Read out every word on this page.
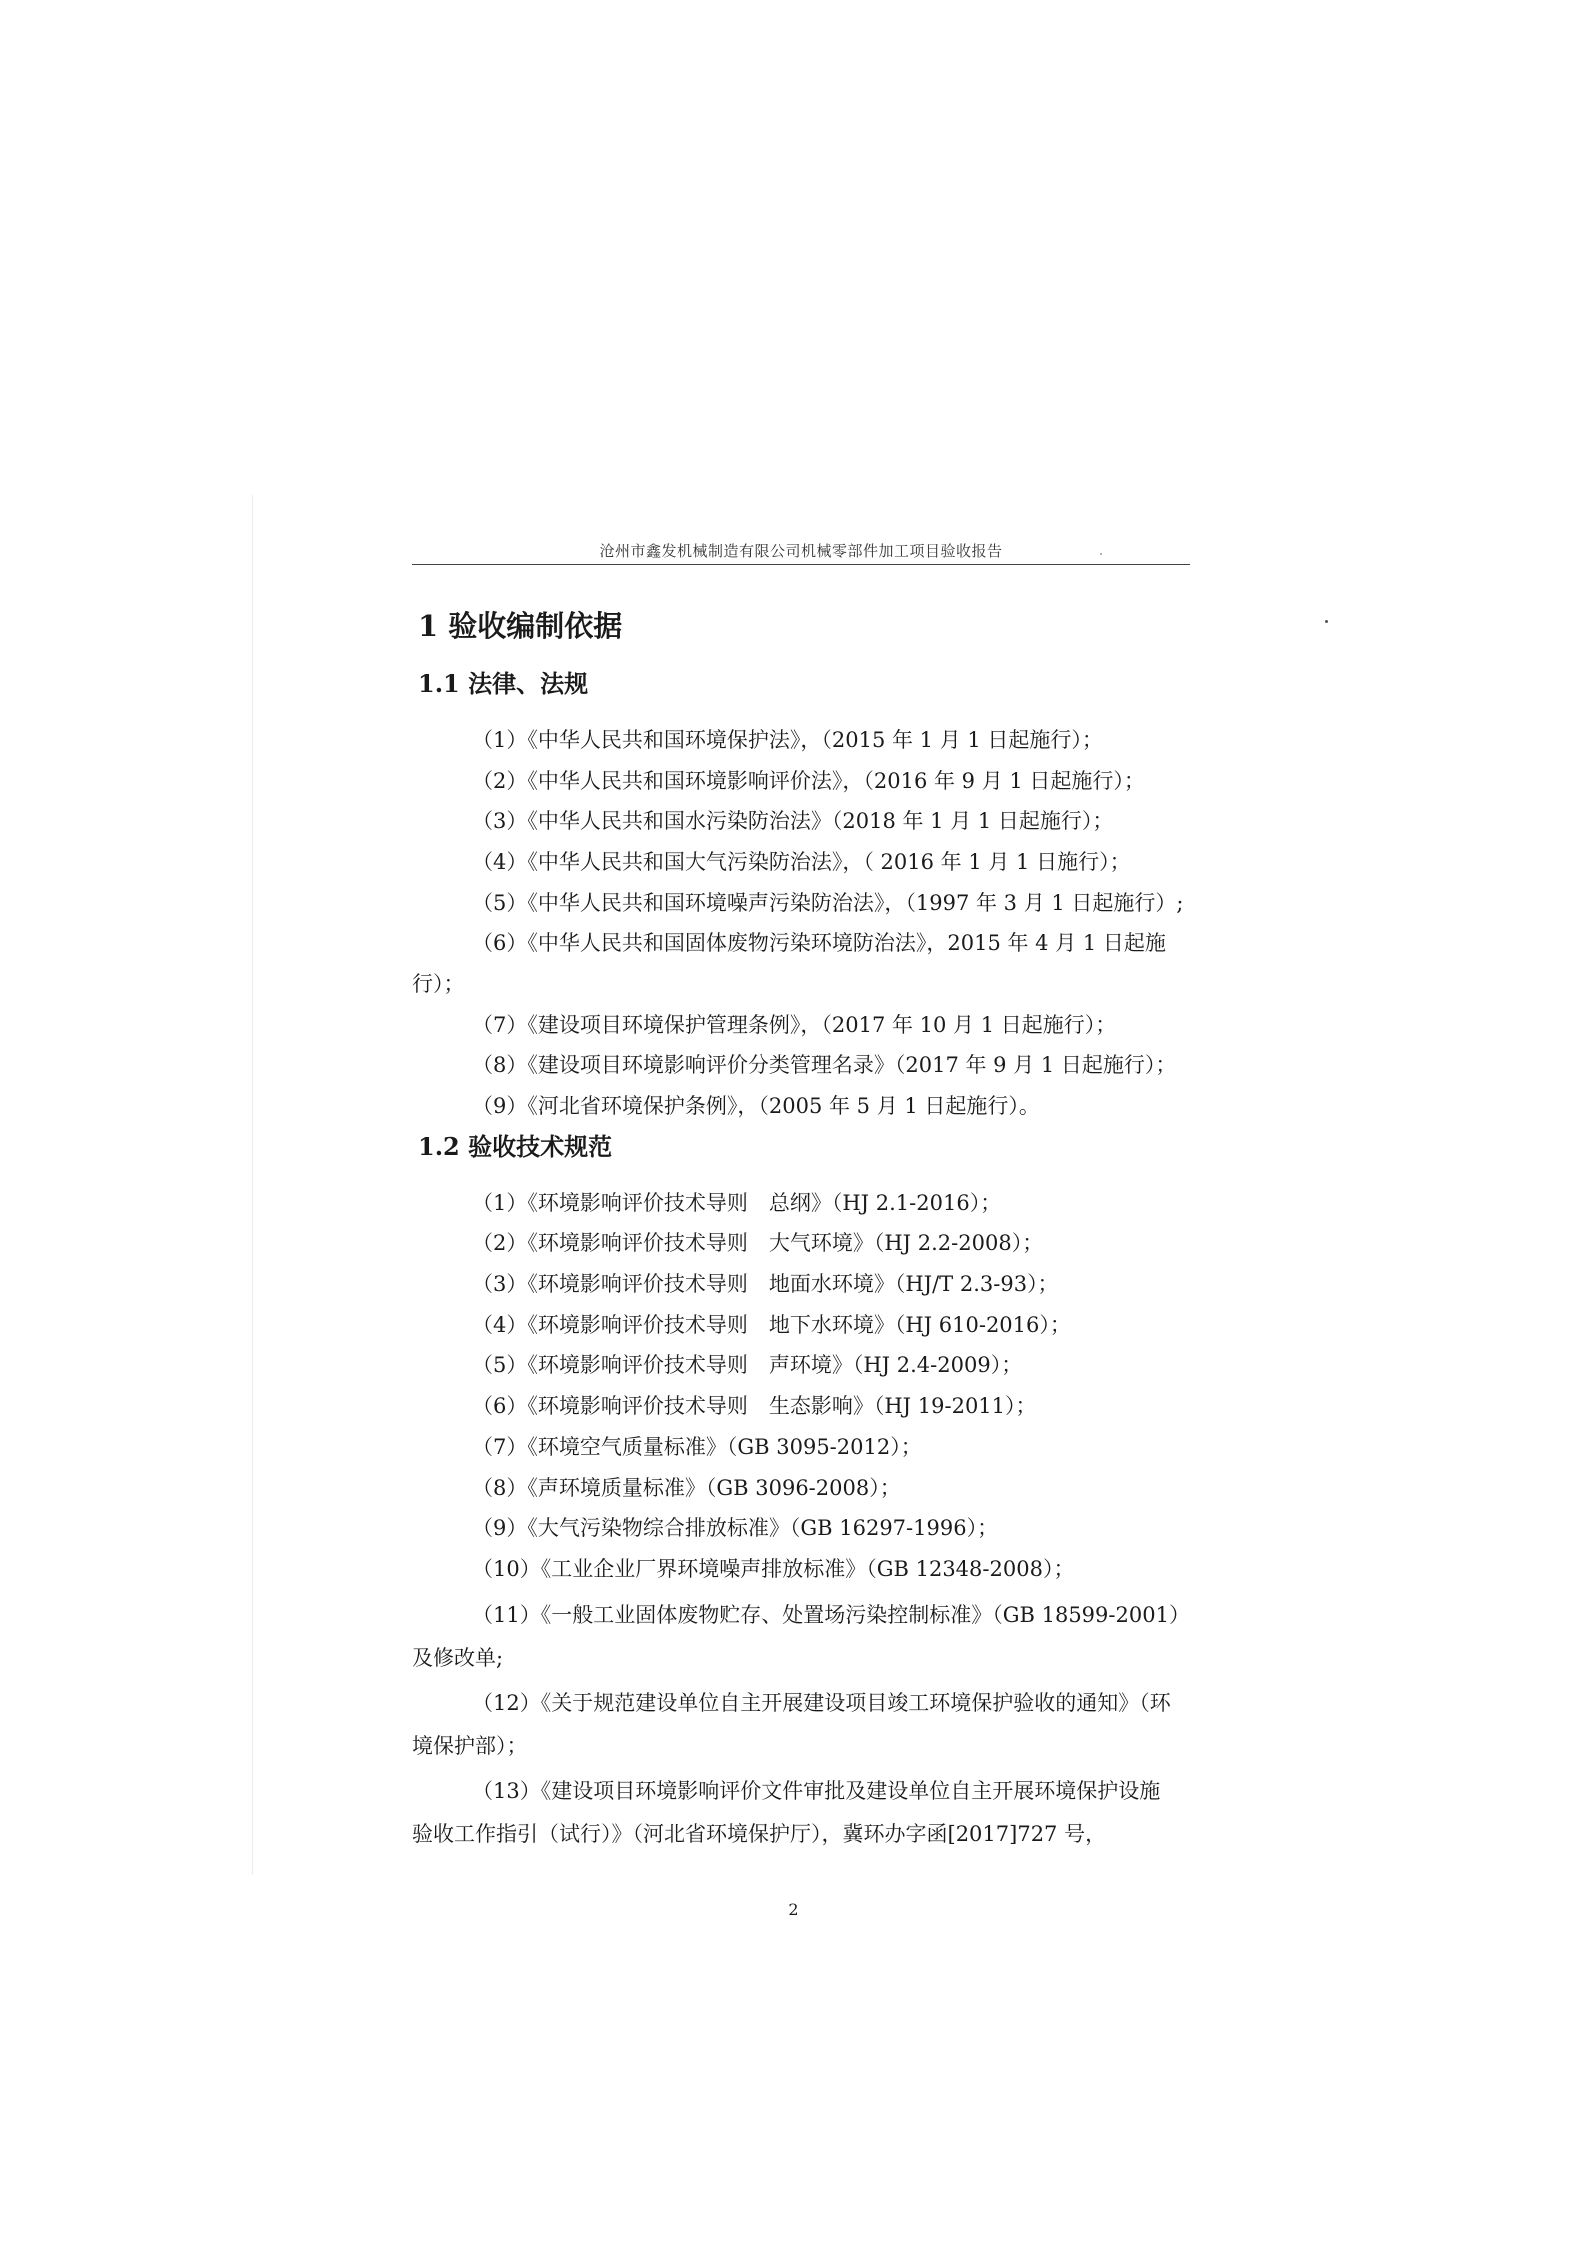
沧州市鑫发机械制造有限公司机械零部件加工项目验收报告
1 验收编制依据
1.1 法律、法规
（1）《中华人民共和国环境保护法》，（2015 年 1 月 1 日起施行）；
（2）《中华人民共和国环境影响评价法》，（2016 年 9 月 1 日起施行）；
（3）《中华人民共和国水污染防治法》（2018 年 1 月 1 日起施行）；
（4）《中华人民共和国大气污染防治法》，（ 2016 年 1 月 1 日施行）；
（5）《中华人民共和国环境噪声污染防治法》，（1997 年 3 月 1 日起施行）;
（6）《中华人民共和国固体废物污染环境防治法》，2015 年 4 月 1 日起施
行）；
（7）《建设项目环境保护管理条例》，（2017 年 10 月 1 日起施行）；
（8）《建设项目环境影响评价分类管理名录》（2017 年 9 月 1 日起施行）；
（9）《河北省环境保护条例》，（2005 年 5 月 1 日起施行）。
1.2 验收技术规范
（1）《环境影响评价技术导则　总纲》（HJ 2.1-2016）；
（2）《环境影响评价技术导则　大气环境》（HJ 2.2-2008）；
（3）《环境影响评价技术导则　地面水环境》（HJ/T 2.3-93）；
（4）《环境影响评价技术导则　地下水环境》（HJ 610-2016）；
（5）《环境影响评价技术导则　声环境》（HJ 2.4-2009）；
（6）《环境影响评价技术导则　生态影响》（HJ 19-2011）；
（7）《环境空气质量标准》（GB 3095-2012）；
（8）《声环境质量标准》（GB 3096-2008）；
（9）《大气污染物综合排放标准》（GB 16297-1996）；
（10）《工业企业厂界环境噪声排放标准》（GB 12348-2008）；
（11）《一般工业固体废物贮存、处置场污染控制标准》（GB 18599-2001）
及修改单;
（12）《关于规范建设单位自主开展建设项目竣工环境保护验收的通知》（环
境保护部）；
（13）《建设项目环境影响评价文件审批及建设单位自主开展环境保护设施
验收工作指引（试行）》（河北省环境保护厅），冀环办字函[2017]727 号，
2
